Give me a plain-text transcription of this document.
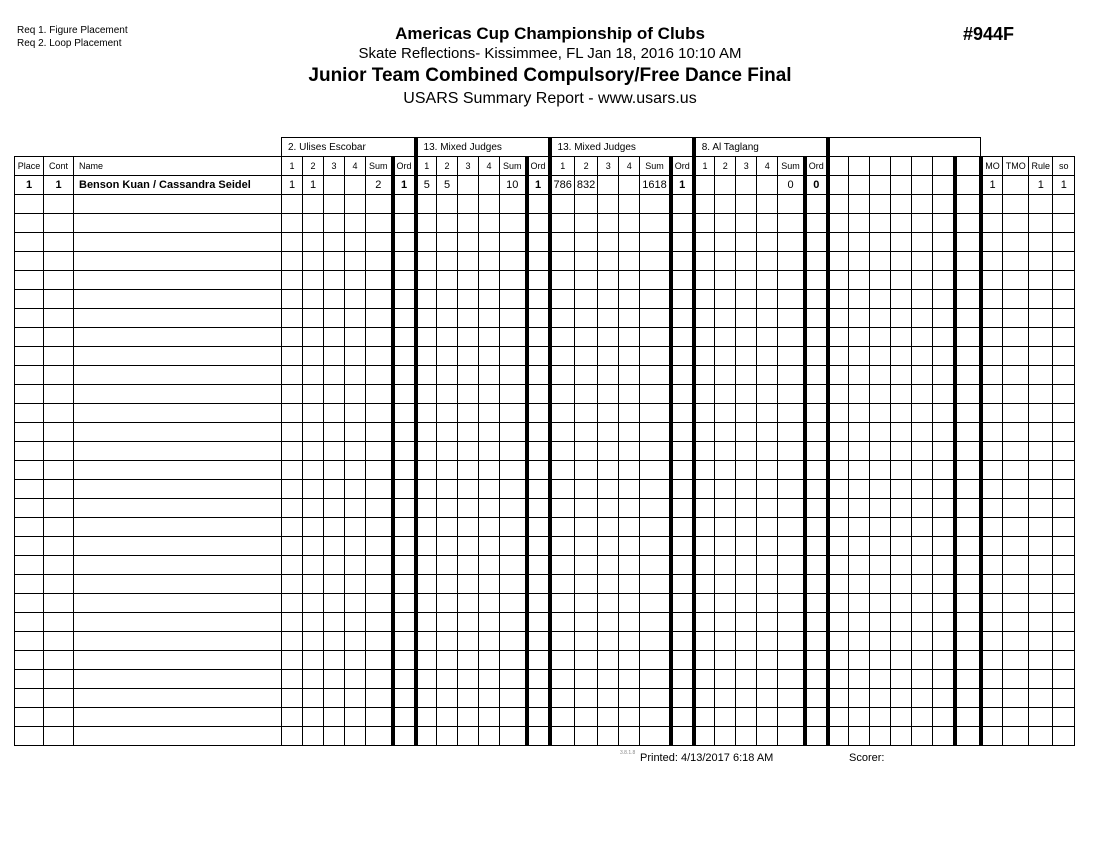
Req 1. Figure Placement
Req 2. Loop Placement
Americas Cup Championship of Clubs
Skate Reflections- Kissimmee, FL Jan 18, 2016 10:10 AM
Junior Team Combined Compulsory/Free Dance Final
USARS Summary Report - www.usars.us
#944F
			2. Ulises Escobar						13. Mixed Judges						13. Mixed Judges						8. Al Taglang																
Place	Cont	Name	1	2	3	4	Sum	Ord	1	2	3	4	Sum	Ord	1	2	3	4	Sum	Ord	1	2	3	4	Sum	Ord								MO	TMO	Rule	so
1	1	Benson Kuan / Cassandra Seidel	1	1			2	1	5	5			10	1	786	832			1618	1					0	0								1		1	1

3.8.1.8 Printed: 4/13/2017 6:18 AM	Scorer:
